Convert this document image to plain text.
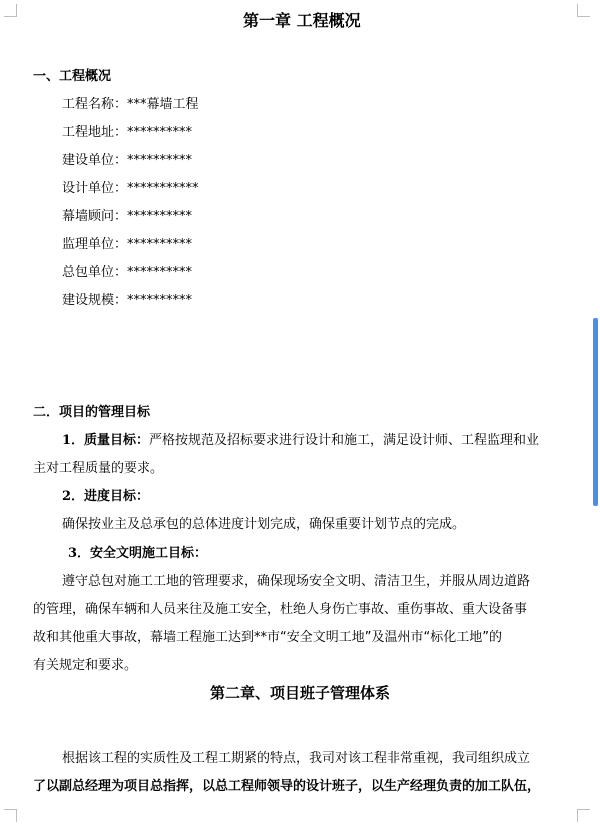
第一章 工程概况
一、工程概况
工程名称：***幕墙工程
工程地址：**********
建设单位：**********
设计单位：***********
幕墙顾问：**********
监理单位：**********
总包单位：**********
建设规模：**********
二．项目的管理目标
1．质量目标：严格按规范及招标要求进行设计和施工，满足设计师、工程监理和业
主对工程质量的要求。
2．进度目标：
确保按业主及总承包的总体进度计划完成，确保重要计划节点的完成。
3．安全文明施工目标：
遵守总包对施工工地的管理要求，确保现场安全文明、清洁卫生，并服从周边道路
的管理，确保车辆和人员来往及施工安全，杜绝人身伤亡事故、重伤事故、重大设备事
故和其他重大事故，幕墙工程施工达到**市“安全文明工地”及温州市“标化工地”的
有关规定和要求。
第二章、项目班子管理体系
根据该工程的实质性及工程工期紧的特点，我司对该工程非常重视，我司组织成立
了以副总经理为项目总指挥，以总工程师领导的设计班子，以生产经理负责的加工队伍，
